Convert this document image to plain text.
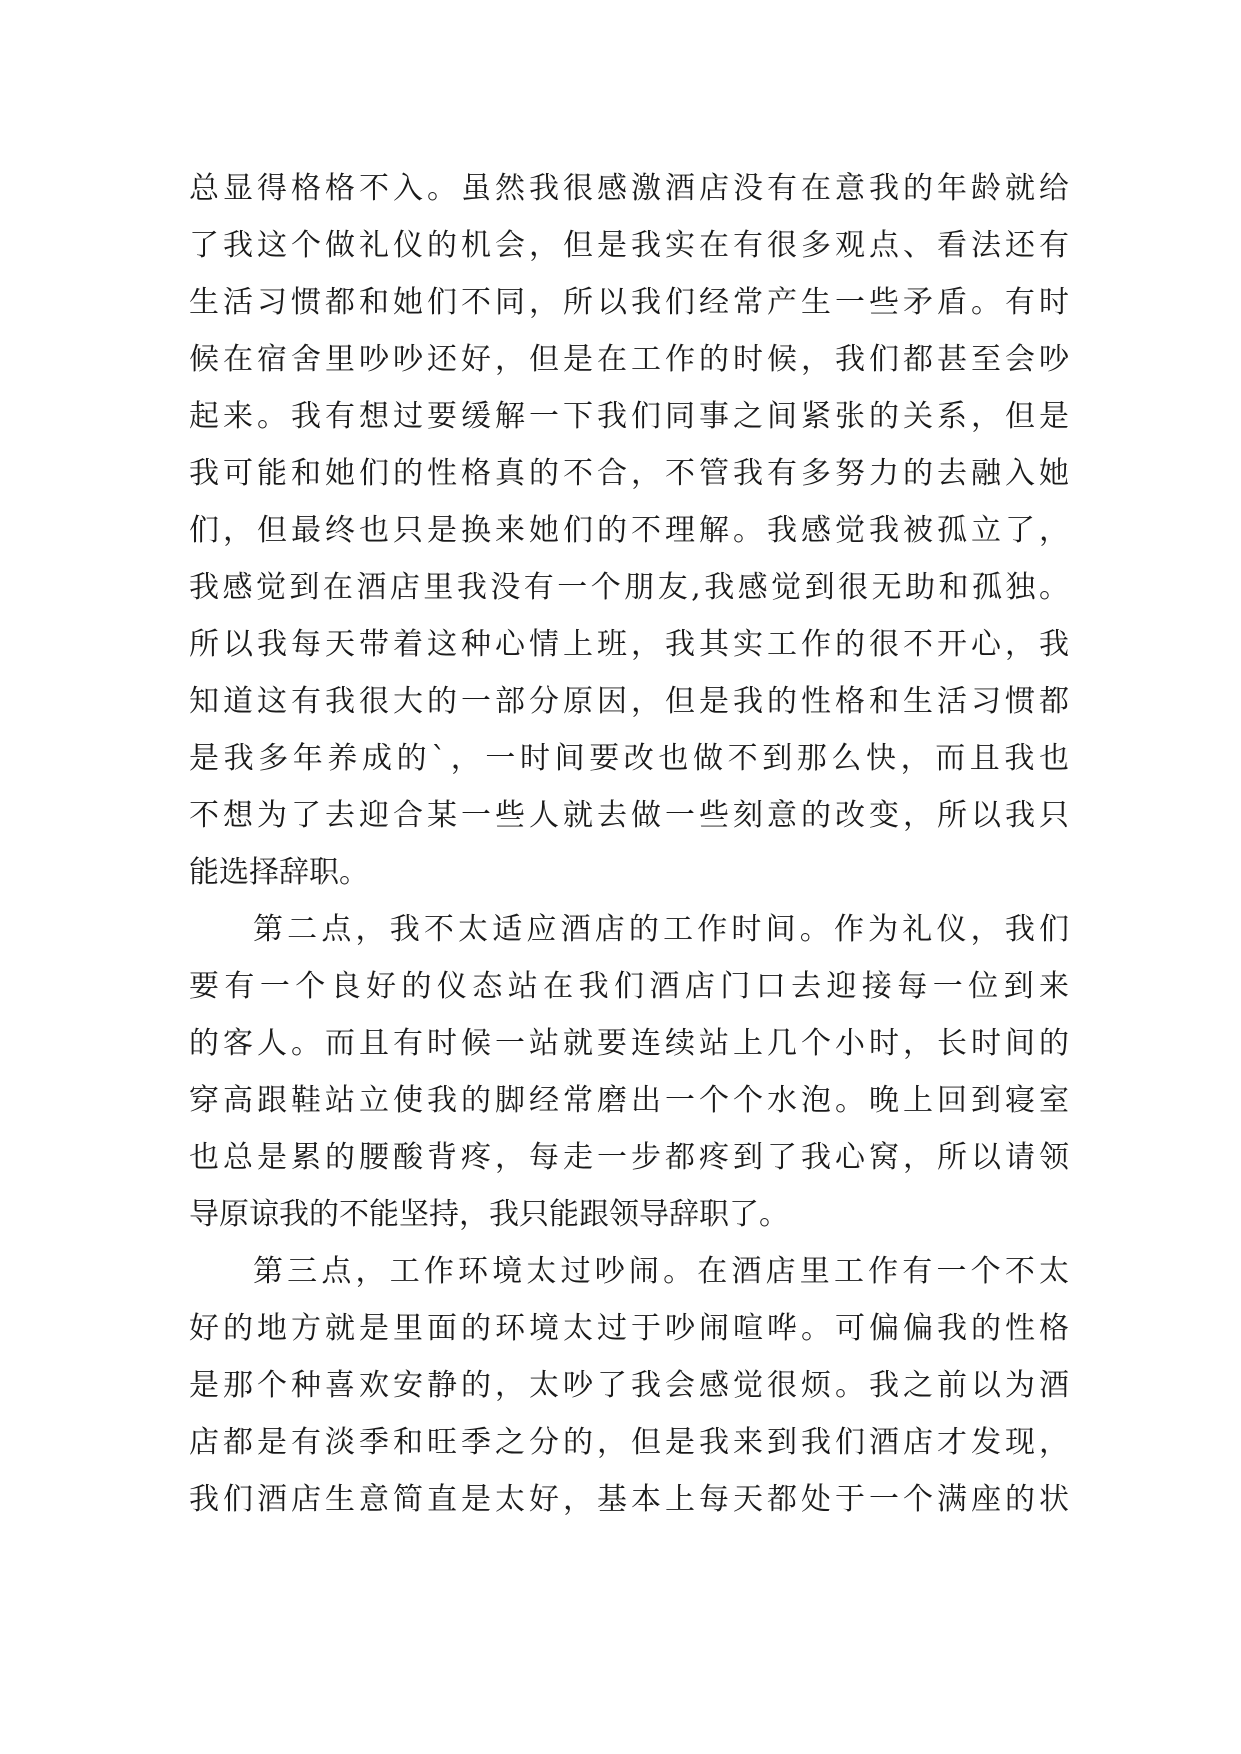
总显得格格不入。虽然我很感激酒店没有在意我的年龄就给
了我这个做礼仪的机会，但是我实在有很多观点、看法还有
生活习惯都和她们不同，所以我们经常产生一些矛盾。有时
候在宿舍里吵吵还好，但是在工作的时候，我们都甚至会吵
起来。我有想过要缓解一下我们同事之间紧张的关系，但是
我可能和她们的性格真的不合，不管我有多努力的去融入她
们，但最终也只是换来她们的不理解。我感觉我被孤立了，
我感觉到在酒店里我没有一个朋友,我感觉到很无助和孤独。
所以我每天带着这种心情上班，我其实工作的很不开心，我
知道这有我很大的一部分原因，但是我的性格和生活习惯都
是我多年养成的`，一时间要改也做不到那么快，而且我也
不想为了去迎合某一些人就去做一些刻意的改变，所以我只
能选择辞职。
第二点，我不太适应酒店的工作时间。作为礼仪，我们
要有一个良好的仪态站在我们酒店门口去迎接每一位到来
的客人。而且有时候一站就要连续站上几个小时，长时间的
穿高跟鞋站立使我的脚经常磨出一个个水泡。晚上回到寝室
也总是累的腰酸背疼，每走一步都疼到了我心窝，所以请领
导原谅我的不能坚持，我只能跟领导辞职了。
第三点，工作环境太过吵闹。在酒店里工作有一个不太
好的地方就是里面的环境太过于吵闹喧哗。可偏偏我的性格
是那个种喜欢安静的，太吵了我会感觉很烦。我之前以为酒
店都是有淡季和旺季之分的，但是我来到我们酒店才发现，
我们酒店生意简直是太好，基本上每天都处于一个满座的状
